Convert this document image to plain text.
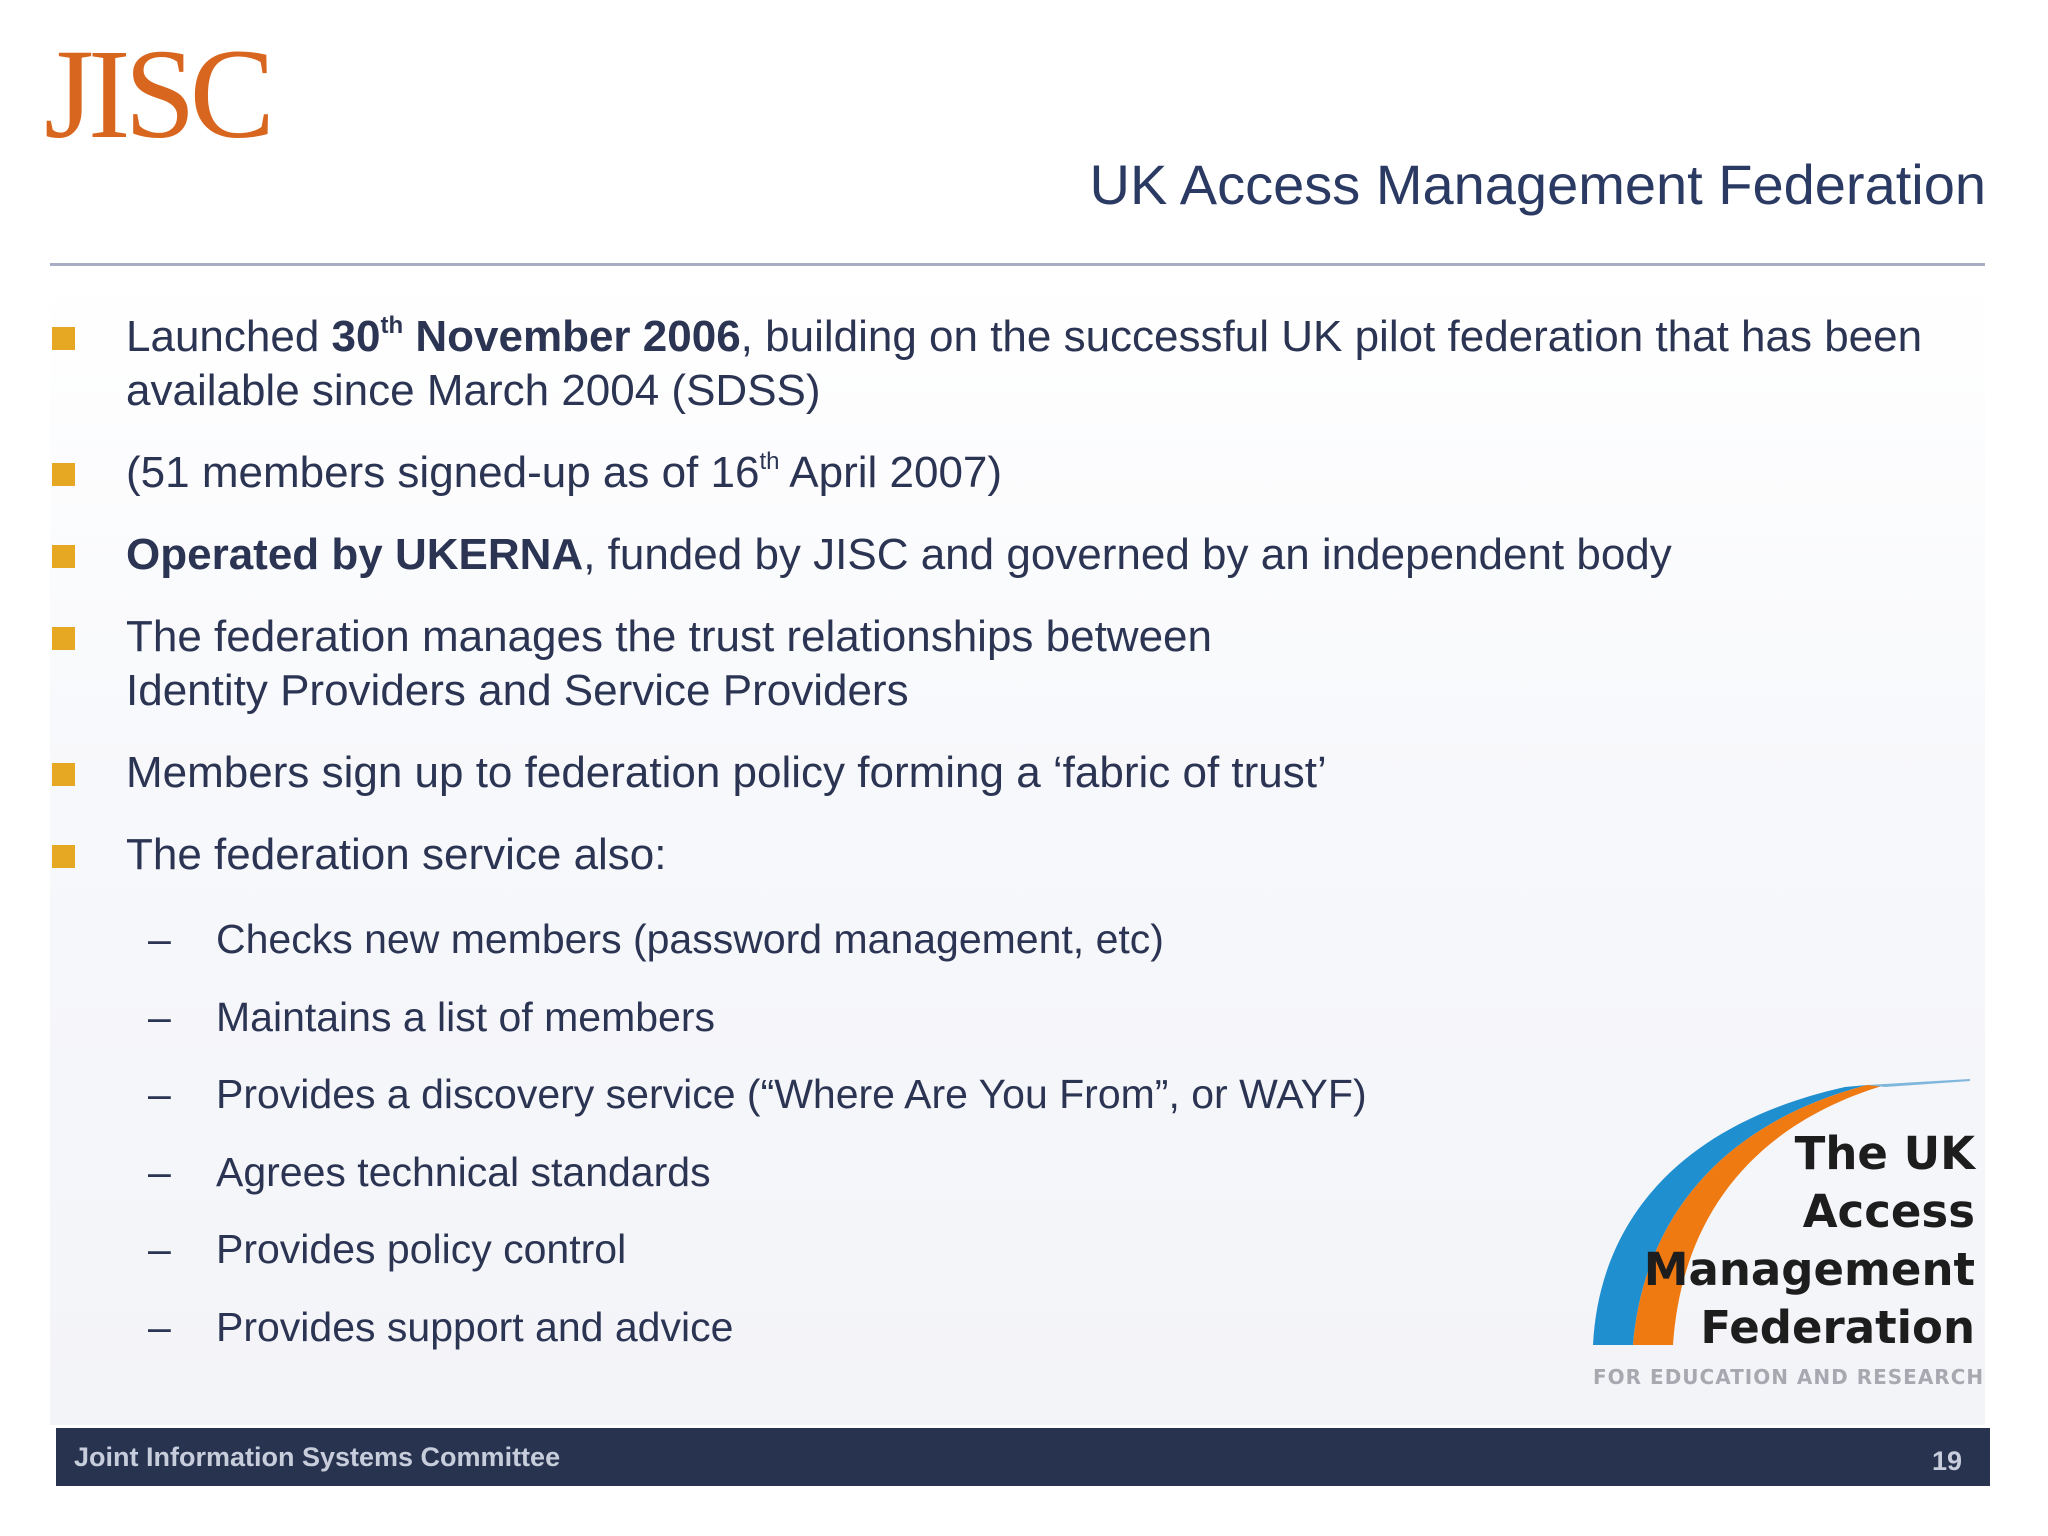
JISC
UK Access Management Federation
Launched 30th November 2006, building on the successful UK pilot federation that has been available since March 2004 (SDSS)
(51 members signed-up as of 16th April 2007)
Operated by UKERNA, funded by JISC and governed by an independent body
The federation manages the trust relationships between
Identity Providers and Service Providers
Members sign up to federation policy forming a ‘fabric of trust’
The federation service also:
– Checks new members (password management, etc)
– Maintains a list of members
– Provides a discovery service (“Where Are You From”, or WAYF)
– Agrees technical standards
– Provides policy control
– Provides support and advice
The UK
Access
Management
Federation
FOR EDUCATION AND RESEARCH
Joint Information Systems Committee	19
